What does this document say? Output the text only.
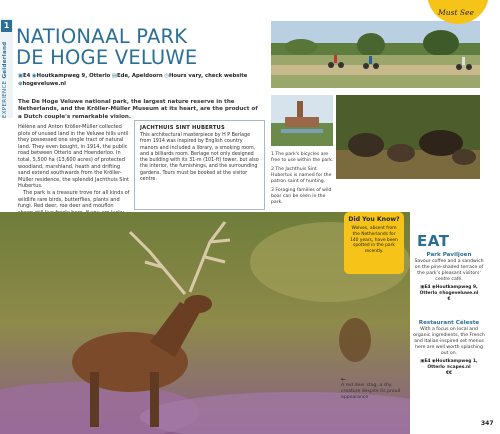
1
EXPERIENCE Gelderland
NATIONAAL PARK
DE HOGE VELUWE
▣E4 ◉Houtkampweg 9, Otterlo ▤Ede, Apeldoorn ◷Hours vary, check website ⊕hogeveluwe.nl

The De Hoge Veluwe national park, the largest nature reserve in the Netherlands, and the Kröller-Müller Museum at its heart, are the product of a Dutch couple's remarkable vision.

Hélène and Anton Kröller-Müller collected plots of unused land in the Veluwe hills until they possessed one single tract of natural land. They even bought, in 1914, the public road between Otterlo and Hoenderloo. In total, 5,500 ha (13,600 acres) of protected woodland, marshland, heath and drifting sand extend southwards from the Kröller-Müller residence, the splendid Jachthuis Sint Hubertus.

The park is a treasure trove for all kinds of wildlife rare birds, butterflies, plants and fungi. Red deer, roe deer and mouflon

JACHTHUIS SINT HUBERTUS
This architectural masterpiece by H P Berlage from 1914 was inspired by English country manors and included a library, a smoking room, and a billiards room. Berlage not only designed the building with its 31-m (101-ft) tower, but also the interior, the furnishings, and the surrounding gardens. Tours must be booked at the visitor centre.

1 The park's bicycles are free to use within the park.

2 The Jachthuis Sint Hubertus is named for the patron saint of hunting.

3 Foraging families of wild boar can be seen in the park.

Must See
Did You Know?
Wolves, absent from the Netherlands for 140 years, have been spotted in the park recently.
EAT
Park Paviljoen
Savour coffee and a sandwich on the pine-shaded terrace of the park's pleasant visitors' centre café.
▣E4 ◉Houtkampweg 9, Otterlo ⊕hogeveluwe.nl
€
Restaurant Céleste
With a focus on local and organic ingredients, the French and Italian-inspired set menus here are well worth splashing out on.
▣E4 ◉Houtkampweg 1, Otterlo ⊕capes.nl
€€
←
A red deer stag, a shy creature despite its proud appearance
347
